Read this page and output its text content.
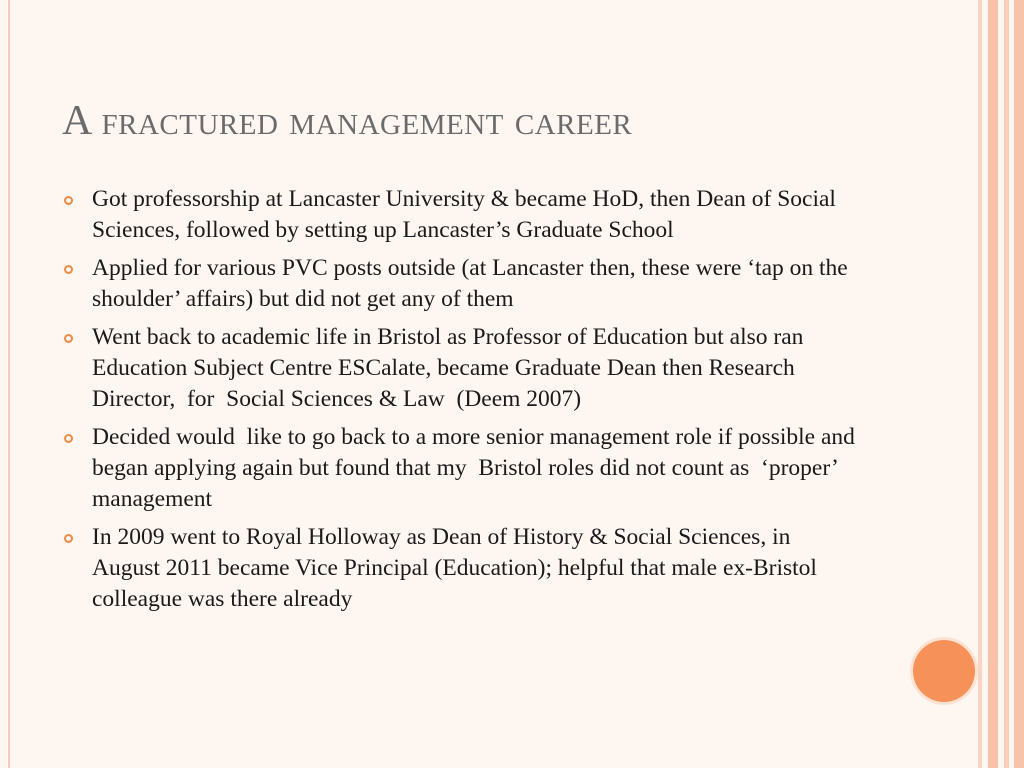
A fractured management career
Got professorship at Lancaster University & became HoD, then Dean of Social Sciences, followed by setting up Lancaster’s Graduate School
Applied for various PVC posts outside (at Lancaster then, these were ‘tap on the shoulder’ affairs) but did not get any of them
Went back to academic life in Bristol as Professor of Education but also ran Education Subject Centre ESCalate, became Graduate Dean then Research Director,  for  Social Sciences & Law  (Deem 2007)
Decided would  like to go back to a more senior management role if possible and began applying again but found that my  Bristol roles did not count as  ‘proper’ management
In 2009 went to Royal Holloway as Dean of History & Social Sciences, in August 2011 became Vice Principal (Education); helpful that male ex-Bristol colleague was there already
